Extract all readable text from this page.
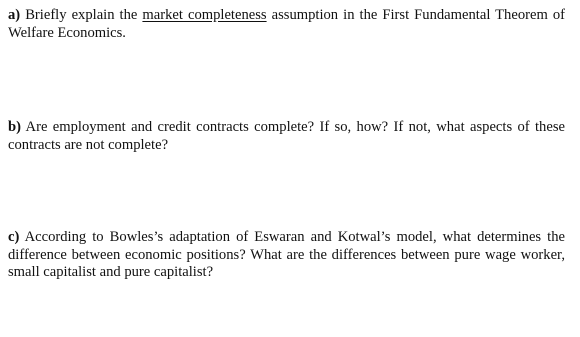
a) Briefly explain the market completeness assumption in the First Fundamental Theorem of Welfare Economics.

b) Are employment and credit contracts complete? If so, how? If not, what aspects of these contracts are not complete?

c) According to Bowles’s adaptation of Eswaran and Kotwal’s model, what determines the difference between economic positions? What are the differences between pure wage worker, small capitalist and pure capitalist?
